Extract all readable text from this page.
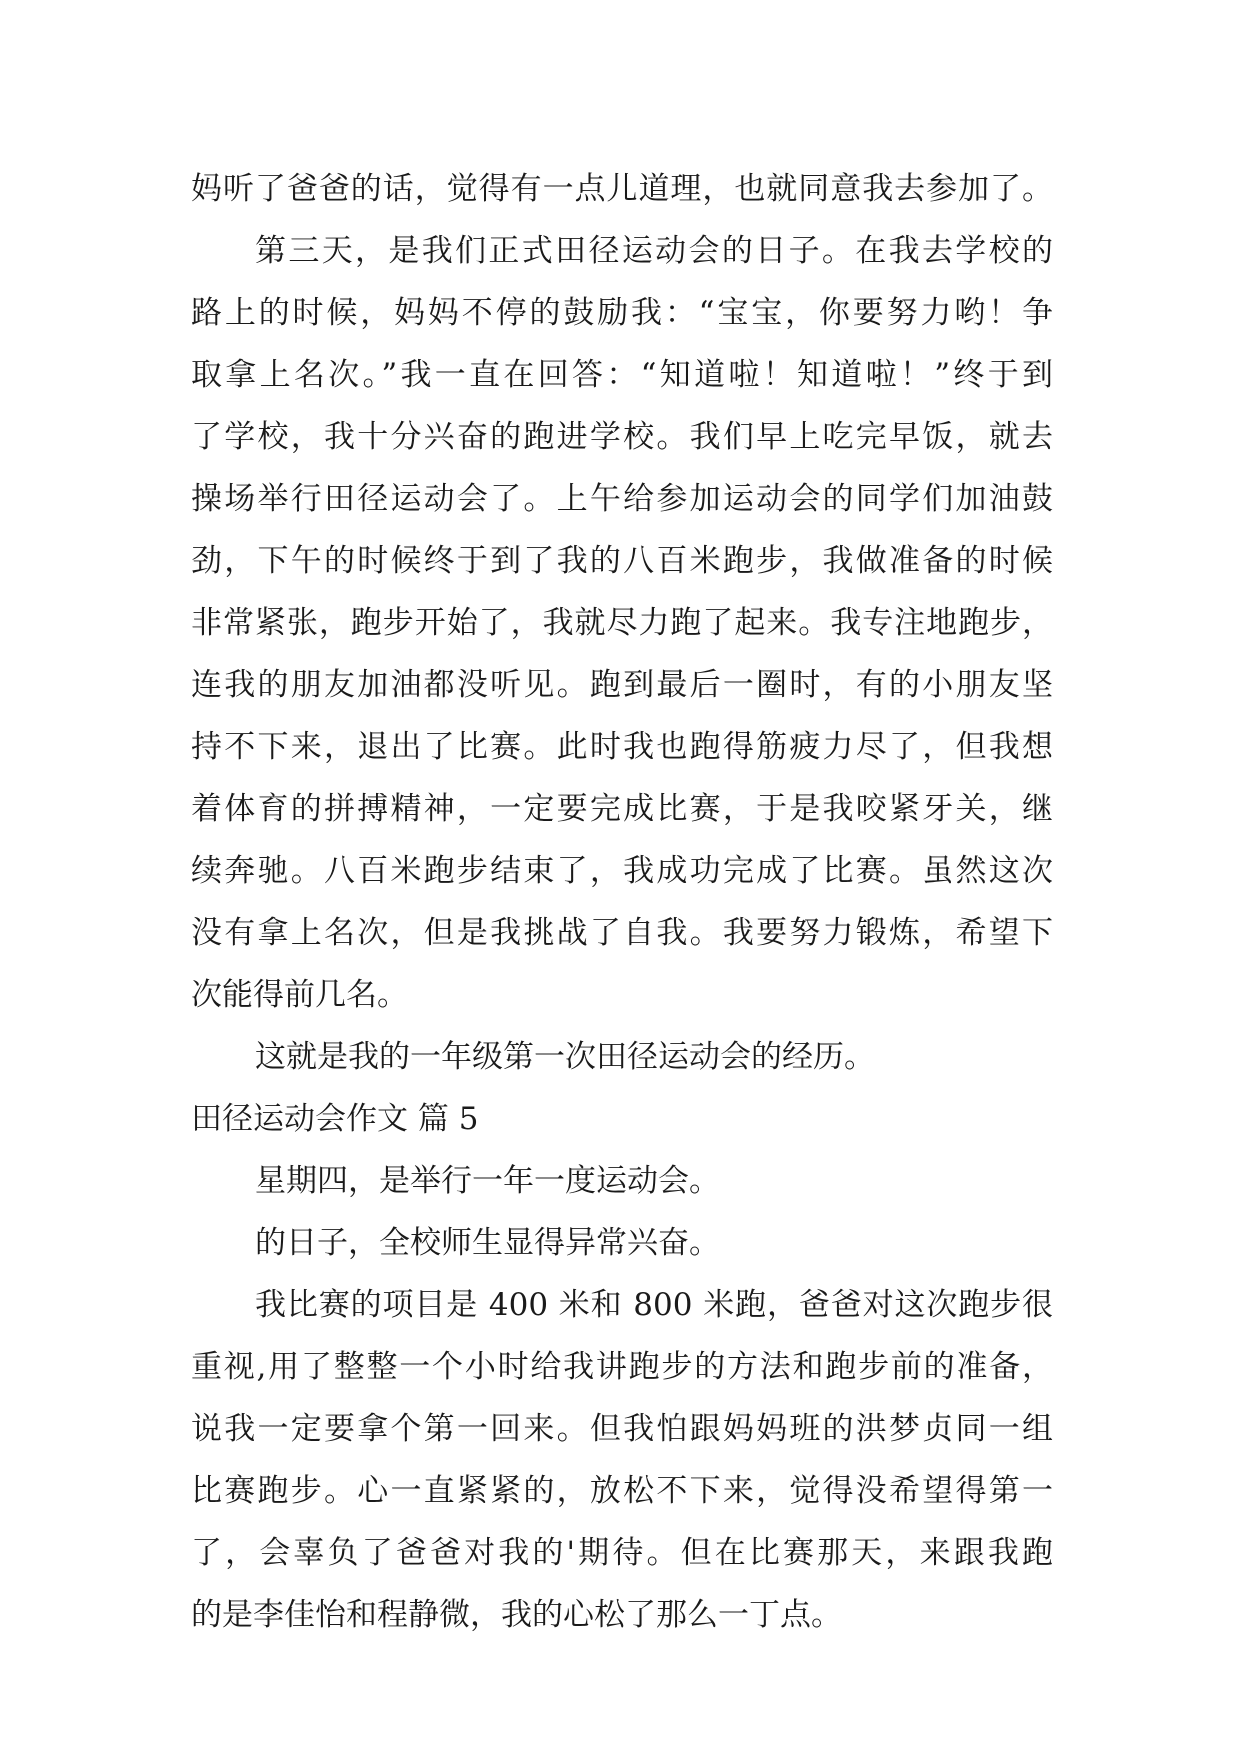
妈听了爸爸的话，觉得有一点儿道理，也就同意我去参加了。
第三天，是我们正式田径运动会的日子。在我去学校的
路上的时候，妈妈不停的鼓励我：“宝宝，你要努力哟！争
取拿上名次。”我一直在回答：“知道啦！知道啦！”终于到
了学校，我十分兴奋的跑进学校。我们早上吃完早饭，就去
操场举行田径运动会了。上午给参加运动会的同学们加油鼓
劲，下午的时候终于到了我的八百米跑步，我做准备的时候
非常紧张，跑步开始了，我就尽力跑了起来。我专注地跑步，
连我的朋友加油都没听见。跑到最后一圈时，有的小朋友坚
持不下来，退出了比赛。此时我也跑得筋疲力尽了，但我想
着体育的拼搏精神，一定要完成比赛，于是我咬紧牙关，继
续奔驰。八百米跑步结束了，我成功完成了比赛。虽然这次
没有拿上名次，但是我挑战了自我。我要努力锻炼，希望下
次能得前几名。
这就是我的一年级第一次田径运动会的经历。
田径运动会作文 篇 5
星期四，是举行一年一度运动会。
的日子，全校师生显得异常兴奋。
我比赛的项目是 400 米和 800 米跑，爸爸对这次跑步很
重视,用了整整一个小时给我讲跑步的方法和跑步前的准备，
说我一定要拿个第一回来。但我怕跟妈妈班的洪梦贞同一组
比赛跑步。心一直紧紧的，放松不下来，觉得没希望得第一
了，会辜负了爸爸对我的'期待。但在比赛那天，来跟我跑
的是李佳怡和程静微，我的心松了那么一丁点。
